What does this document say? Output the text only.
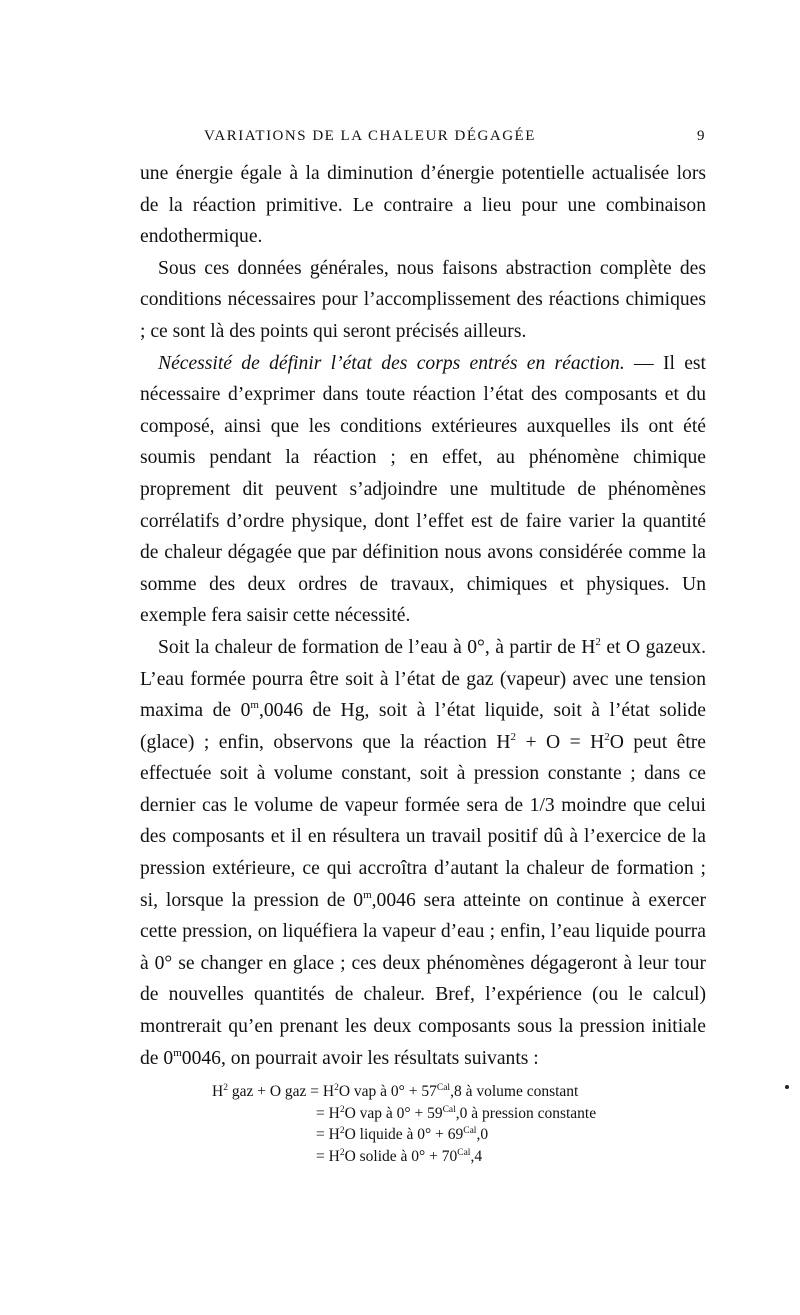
VARIATIONS DE LA CHALEUR DÉGAGÉE	9

une énergie égale à la diminution d’énergie potentielle actualisée lors de la réaction primitive. Le contraire a lieu pour une combinaison endothermique.

Sous ces données générales, nous faisons abstraction complète des conditions nécessaires pour l’accomplissement des réactions chimiques ; ce sont là des points qui seront précisés ailleurs.

Nécessité de définir l’état des corps entrés en réaction. — Il est nécessaire d’exprimer dans toute réaction l’état des composants et du composé, ainsi que les conditions extérieures auxquelles ils ont été soumis pendant la réaction ; en effet, au phénomène chimique proprement dit peuvent s’adjoindre une multitude de phénomènes corrélatifs d’ordre physique, dont l’effet est de faire varier la quantité de chaleur dégagée que par définition nous avons considérée comme la somme des deux ordres de travaux, chimiques et physiques. Un exemple fera saisir cette nécessité.

Soit la chaleur de formation de l’eau à 0°, à partir de $H^2$ et O gazeux. L’eau formée pourra être soit à l’état de gaz (vapeur) avec une tension maxima de 0$^m$,0046 de Hg, soit à l’état liquide, soit à l’état solide (glace) ; enfin, observons que la réaction $H^2 + O = H^2O$ peut être effectuée soit à volume constant, soit à pression constante ; dans ce dernier cas le volume de vapeur formée sera de 1/3 moindre que celui des composants et il en résultera un travail positif dû à l’exercice de la pression extérieure, ce qui accroîtra d’autant la chaleur de formation ; si, lorsque la pression de 0$^m$,0046 sera atteinte on continue à exercer cette pression, on liquéfiera la vapeur d’eau ; enfin, l’eau liquide pourra à 0° se changer en glace ; ces deux phénomènes dégageront à leur tour de nouvelles quantités de chaleur. Bref, l’expérience (ou le calcul) montrerait qu’en prenant les deux composants sous la pression initiale de 0$^m$0046, on pourrait avoir les résultats suivants :

$H^2$ gaz + O gaz = $H^2O$ vap à $0^\circ + 57^{Cal},8$ à volume constant
= $H^2O$ vap à $0^\circ + 59^{Cal},0$ à pression constante
= $H^2O$ liquide à $0^\circ + 69^{Cal},0$
= $H^2O$ solide à $0^\circ + 70^{Cal},4$
